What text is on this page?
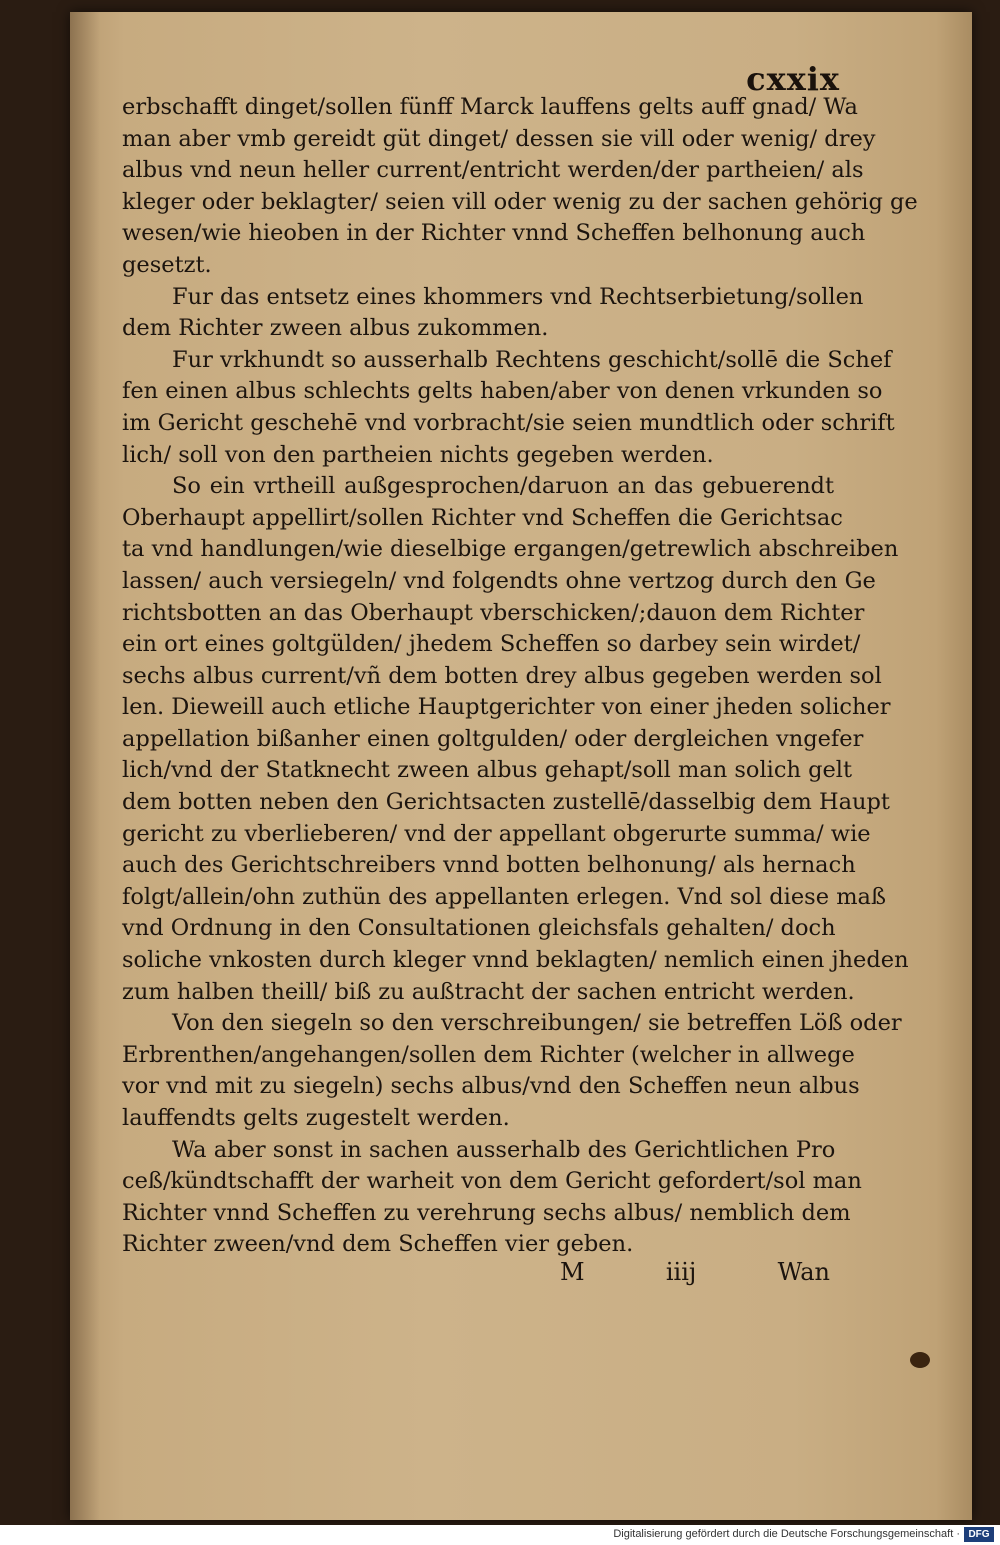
cxxix
erbschafft dinget/sollen fünff Marck lauffens gelts auff gnad/ Wa
man aber vmb gereidt güt dinget/ dessen sie vill oder wenig/ drey
albus vnd neun heller current/entricht werden/der partheien/ als
kleger oder beklagter/ seien vill oder wenig zu der sachen gehörig ge
wesen/wie hieoben in der Richter vnnd Scheffen belhonung auch
gesetzt.
Fur das entsetz eines khommers vnd Rechtserbietung/sollen
dem Richter zween albus zukommen.
Fur vrkhundt so ausserhalb Rechtens geschicht/sollē die Schef
fen einen albus schlechts gelts haben/aber von denen vrkunden so
im Gericht geschehē vnd vorbracht/sie seien mundtlich oder schrift
lich/ soll von den partheien nichts gegeben werden.
So ein vrtheill außgesprochen/daruon an das gebuerendt
Oberhaupt appellirt/sollen Richter vnd Scheffen die Gerichtsac
ta vnd handlungen/wie dieselbige ergangen/getrewlich abschreiben
lassen/ auch versiegeln/ vnd folgendts ohne vertzog durch den Ge
richtsbotten an das Oberhaupt vberschicken/;dauon dem Richter
ein ort eines goltgülden/ jhedem Scheffen so darbey sein wirdet/
sechs albus current/vñ dem botten drey albus gegeben werden sol
len. Dieweill auch etliche Hauptgerichter von einer jheden solicher
appellation bißanher einen goltgulden/ oder dergleichen vngefer
lich/vnd der Statknecht zween albus gehapt/soll man solich gelt
dem botten neben den Gerichtsacten zustellē/dasselbig dem Haupt
gericht zu vberlieberen/ vnd der appellant obgerurte summa/ wie
auch des Gerichtschreibers vnnd botten belhonung/ als hernach
folgt/allein/ohn zuthün des appellanten erlegen. Vnd sol diese maß
vnd Ordnung in den Consultationen gleichsfals gehalten/ doch
soliche vnkosten durch kleger vnnd beklagten/ nemlich einen jheden
zum halben theill/ biß zu außtracht der sachen entricht werden.
Von den siegeln so den verschreibungen/ sie betreffen Löß oder
Erbrenthen/angehangen/sollen dem Richter (welcher in allwege
vor vnd mit zu siegeln) sechs albus/vnd den Scheffen neun albus
lauffendts gelts zugestelt werden.
Wa aber sonst in sachen ausserhalb des Gerichtlichen Pro
ceß/kündtschafft der warheit von dem Gericht gefordert/sol man
Richter vnnd Scheffen zu verehrung sechs albus/ nemblich dem
Richter zween/vnd dem Scheffen vier geben.
M	iiij	Wan
Digitalisierung gefördert durch die Deutsche Forschungsgemeinschaft · DFG
